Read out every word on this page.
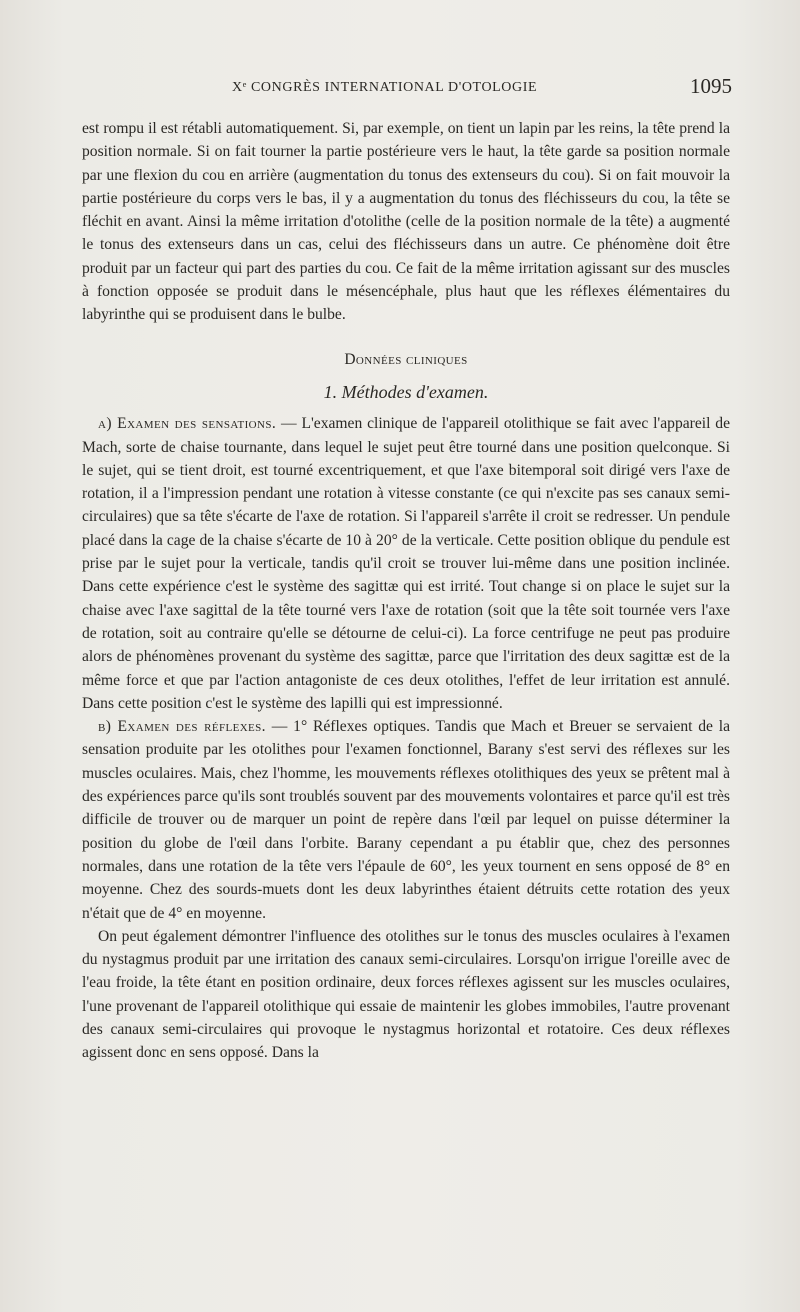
Xᵉ CONGRÈS INTERNATIONAL D'OTOLOGIE	1095

est rompu il est rétabli automatiquement. Si, par exemple, on tient un lapin par les reins, la tête prend la position normale. Si on fait tourner la partie postérieure vers le haut, la tête garde sa position normale par une flexion du cou en arrière (augmentation du tonus des extenseurs du cou). Si on fait mouvoir la partie postérieure du corps vers le bas, il y a augmentation du tonus des fléchisseurs du cou, la tête se fléchit en avant. Ainsi la même irritation d'otolithe (celle de la position normale de la tête) a augmenté le tonus des extenseurs dans un cas, celui des fléchisseurs dans un autre. Ce phénomène doit être produit par un facteur qui part des parties du cou. Ce fait de la même irritation agissant sur des muscles à fonction opposée se produit dans le mésencéphale, plus haut que les réflexes élémentaires du labyrinthe qui se produisent dans le bulbe.

Données cliniques
1. Méthodes d'examen.

a) Examen des sensations. — L'examen clinique de l'appareil otolithique se fait avec l'appareil de Mach, sorte de chaise tournante, dans lequel le sujet peut être tourné dans une position quelconque. Si le sujet, qui se tient droit, est tourné excentriquement, et que l'axe bitemporal soit dirigé vers l'axe de rotation, il a l'impression pendant une rotation à vitesse constante (ce qui n'excite pas ses canaux semi-circulaires) que sa tête s'écarte de l'axe de rotation. Si l'appareil s'arrête il croit se redresser. Un pendule placé dans la cage de la chaise s'écarte de 10 à 20° de la verticale. Cette position oblique du pendule est prise par le sujet pour la verticale, tandis qu'il croit se trouver lui-même dans une position inclinée. Dans cette expérience c'est le système des sagittæ qui est irrité. Tout change si on place le sujet sur la chaise avec l'axe sagittal de la tête tourné vers l'axe de rotation (soit que la tête soit tournée vers l'axe de rotation, soit au contraire qu'elle se détourne de celui-ci). La force centrifuge ne peut pas produire alors de phénomènes provenant du système des sagittæ, parce que l'irritation des deux sagittæ est de la même force et que par l'action antagoniste de ces deux otolithes, l'effet de leur irritation est annulé. Dans cette position c'est le système des lapilli qui est impressionné.

b) Examen des réflexes. — 1° Réflexes optiques. Tandis que Mach et Breuer se servaient de la sensation produite par les otolithes pour l'examen fonctionnel, Barany s'est servi des réflexes sur les muscles oculaires. Mais, chez l'homme, les mouvements réflexes otolithiques des yeux se prêtent mal à des expériences parce qu'ils sont troublés souvent par des mouvements volontaires et parce qu'il est très difficile de trouver ou de marquer un point de repère dans l'œil par lequel on puisse déterminer la position du globe de l'œil dans l'orbite. Barany cependant a pu établir que, chez des personnes normales, dans une rotation de la tête vers l'épaule de 60°, les yeux tournent en sens opposé de 8° en moyenne. Chez des sourds-muets dont les deux labyrinthes étaient détruits cette rotation des yeux n'était que de 4° en moyenne.

On peut également démontrer l'influence des otolithes sur le tonus des muscles oculaires à l'examen du nystagmus produit par une irritation des canaux semi-circulaires. Lorsqu'on irrigue l'oreille avec de l'eau froide, la tête étant en position ordinaire, deux forces réflexes agissent sur les muscles oculaires, l'une provenant de l'appareil otolithique qui essaie de maintenir les globes immobiles, l'autre provenant des canaux semi-circulaires qui provoque le nystagmus horizontal et rotatoire. Ces deux réflexes agissent donc en sens opposé. Dans la
